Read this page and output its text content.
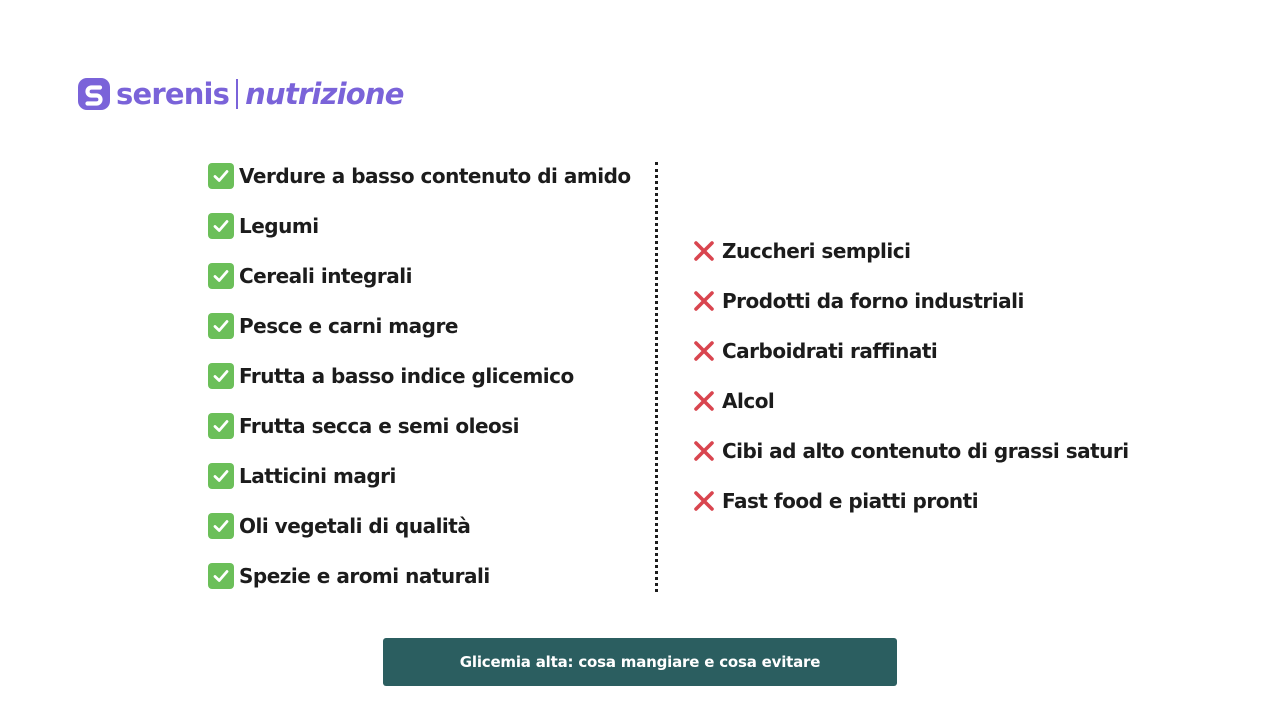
serenis nutrizione
Verdure a basso contenuto di amido
Legumi
Cereali integrali
Pesce e carni magre
Frutta a basso indice glicemico
Frutta secca e semi oleosi
Latticini magri
Oli vegetali di qualità
Spezie e aromi naturali
Zuccheri semplici
Prodotti da forno industriali
Carboidrati raffinati
Alcol
Cibi ad alto contenuto di grassi saturi
Fast food e piatti pronti
Glicemia alta: cosa mangiare e cosa evitare
